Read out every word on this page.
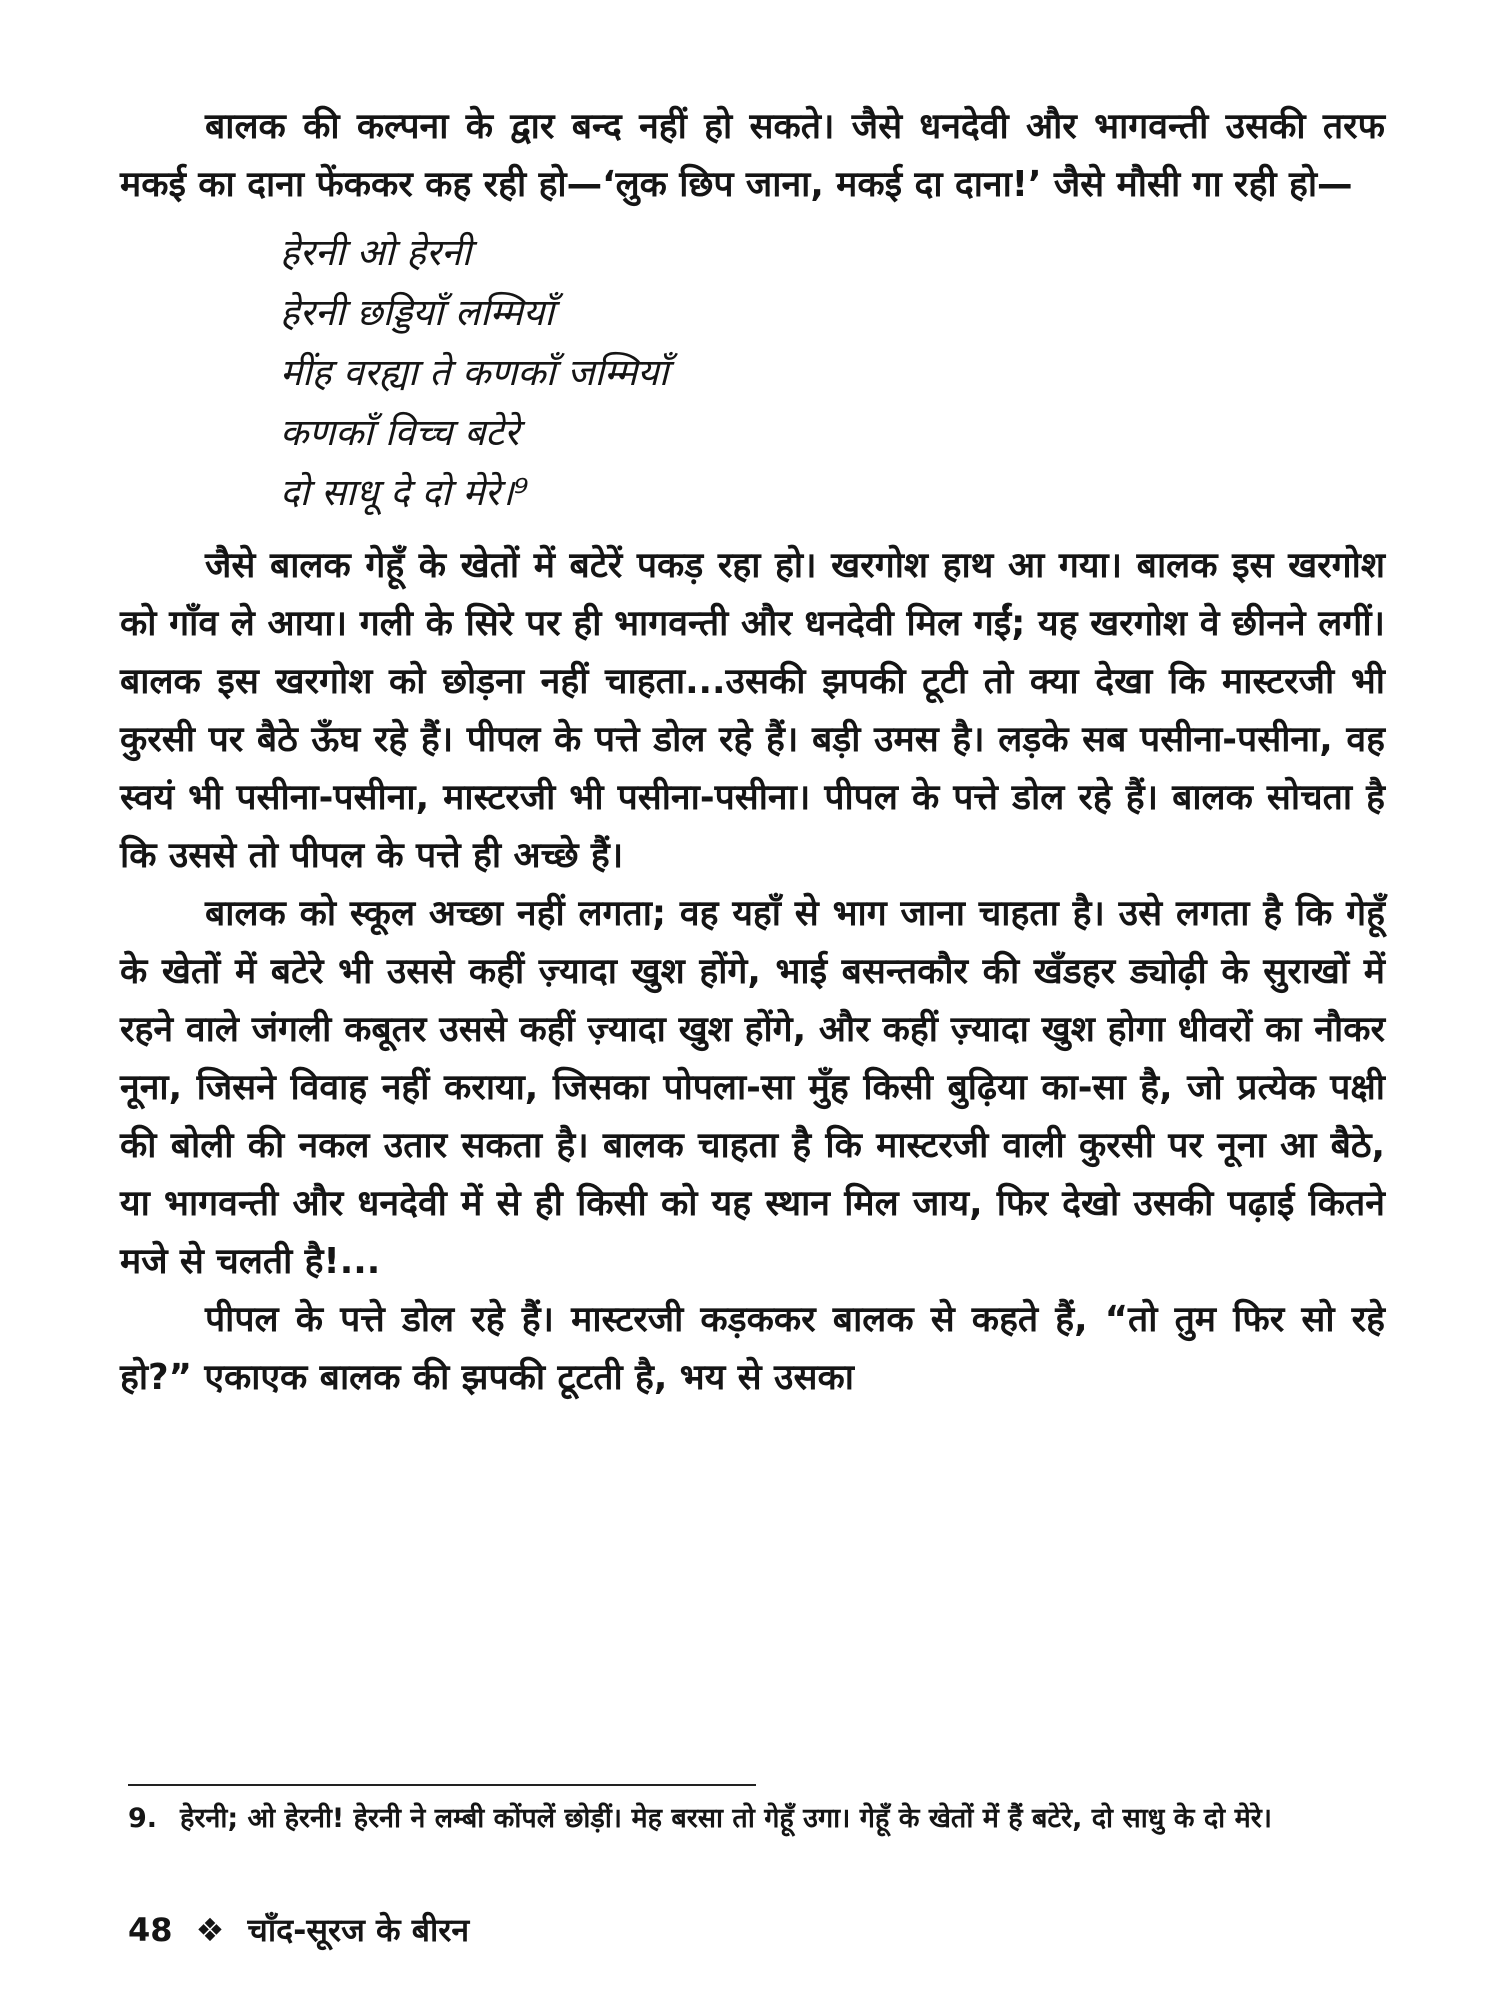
बालक की कल्पना के द्वार बन्द नहीं हो सकते। जैसे धनदेवी और भागवन्ती उसकी तरफ मकई का दाना फेंककर कह रही हो—‘लुक छिप जाना, मकई दा दाना!’ जैसे मौसी गा रही हो—

हेरनी ओ हेरनी
हेरनी छड्डियाँ लम्मियाँ
मींह वरह्या ते कणकाँ जम्मियाँ
कणकाँ विच्च बटेरे
दो साधू दे दो मेरे।⁹

जैसे बालक गेहूँ के खेतों में बटेरें पकड़ रहा हो। खरगोश हाथ आ गया। बालक इस खरगोश को गाँव ले आया। गली के सिरे पर ही भागवन्ती और धनदेवी मिल गईं; यह खरगोश वे छीनने लगीं। बालक इस खरगोश को छोड़ना नहीं चाहता...उसकी झपकी टूटी तो क्या देखा कि मास्टरजी भी कुरसी पर बैठे ऊँघ रहे हैं। पीपल के पत्ते डोल रहे हैं। बड़ी उमस है। लड़के सब पसीना-पसीना, वह स्वयं भी पसीना-पसीना, मास्टरजी भी पसीना-पसीना। पीपल के पत्ते डोल रहे हैं। बालक सोचता है कि उससे तो पीपल के पत्ते ही अच्छे हैं।

बालक को स्कूल अच्छा नहीं लगता; वह यहाँ से भाग जाना चाहता है। उसे लगता है कि गेहूँ के खेतों में बटेरे भी उससे कहीं ज़्यादा खुश होंगे, भाई बसन्तकौर की खँडहर ड्योढ़ी के सुराखों में रहने वाले जंगली कबूतर उससे कहीं ज़्यादा खुश होंगे, और कहीं ज़्यादा खुश होगा धीवरों का नौकर नूना, जिसने विवाह नहीं कराया, जिसका पोपला-सा मुँह किसी बुढ़िया का-सा है, जो प्रत्येक पक्षी की बोली की नकल उतार सकता है। बालक चाहता है कि मास्टरजी वाली कुरसी पर नूना आ बैठे, या भागवन्ती और धनदेवी में से ही किसी को यह स्थान मिल जाय, फिर देखो उसकी पढ़ाई कितने मजे से चलती है!...

पीपल के पत्ते डोल रहे हैं। मास्टरजी कड़ककर बालक से कहते हैं, “तो तुम फिर सो रहे हो?” एकाएक बालक की झपकी टूटती है, भय से उसका

9. हेरनी; ओ हेरनी! हेरनी ने लम्बी कोंपलें छोड़ीं। मेह बरसा तो गेहूँ उगा। गेहूँ के खेतों में हैं बटेरे, दो साधु के दो मेरे।
48 ❖ चाँद-सूरज के बीरन
